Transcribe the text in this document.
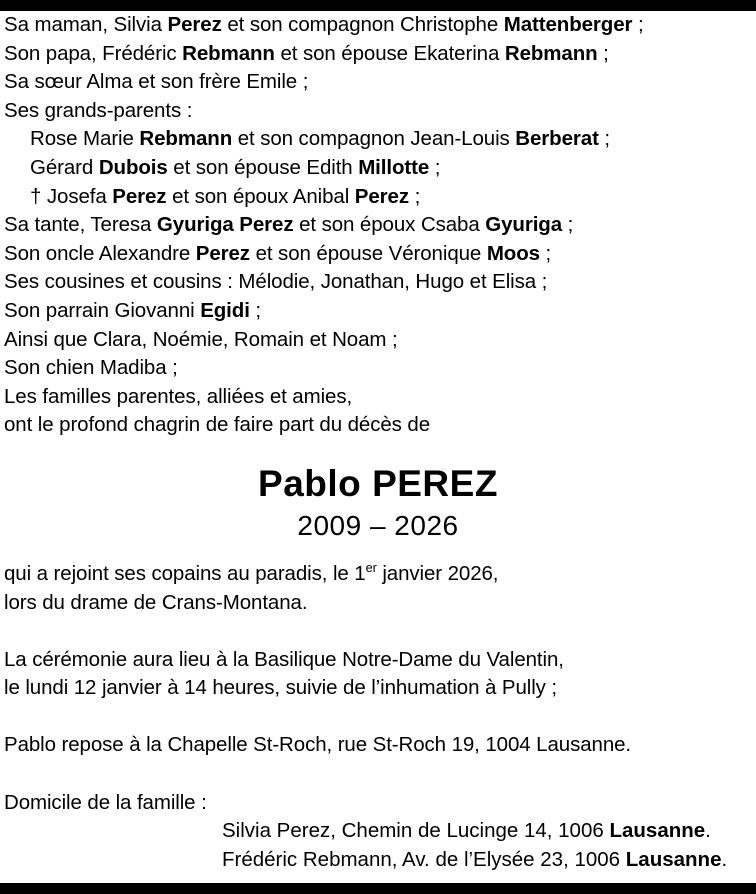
Sa maman, Silvia Perez et son compagnon Christophe Mattenberger ;
Son papa, Frédéric Rebmann et son épouse Ekaterina Rebmann ;
Sa sœur Alma et son frère Emile ;
Ses grands-parents :
Rose Marie Rebmann et son compagnon Jean-Louis Berberat ;
Gérard Dubois et son épouse Edith Millotte ;
† Josefa Perez et son époux Anibal Perez ;
Sa tante, Teresa Gyuriga Perez et son époux Csaba Gyuriga ;
Son oncle Alexandre Perez et son épouse Véronique Moos ;
Ses cousines et cousins : Mélodie, Jonathan, Hugo et Elisa ;
Son parrain Giovanni Egidi ;
Ainsi que Clara, Noémie, Romain et Noam ;
Son chien Madiba ;
Les familles parentes, alliées et amies,
ont le profond chagrin de faire part du décès de
Pablo PEREZ
2009 – 2026
qui a rejoint ses copains au paradis, le 1er janvier 2026,
lors du drame de Crans-Montana.

La cérémonie aura lieu à la Basilique Notre-Dame du Valentin,
le lundi 12 janvier à 14 heures, suivie de l’inhumation à Pully ;

Pablo repose à la Chapelle St-Roch, rue St-Roch 19, 1004 Lausanne.

Domicile de la famille :
Silvia Perez, Chemin de Lucinge 14, 1006 Lausanne.
Frédéric Rebmann, Av. de l’Elysée 23, 1006 Lausanne.
